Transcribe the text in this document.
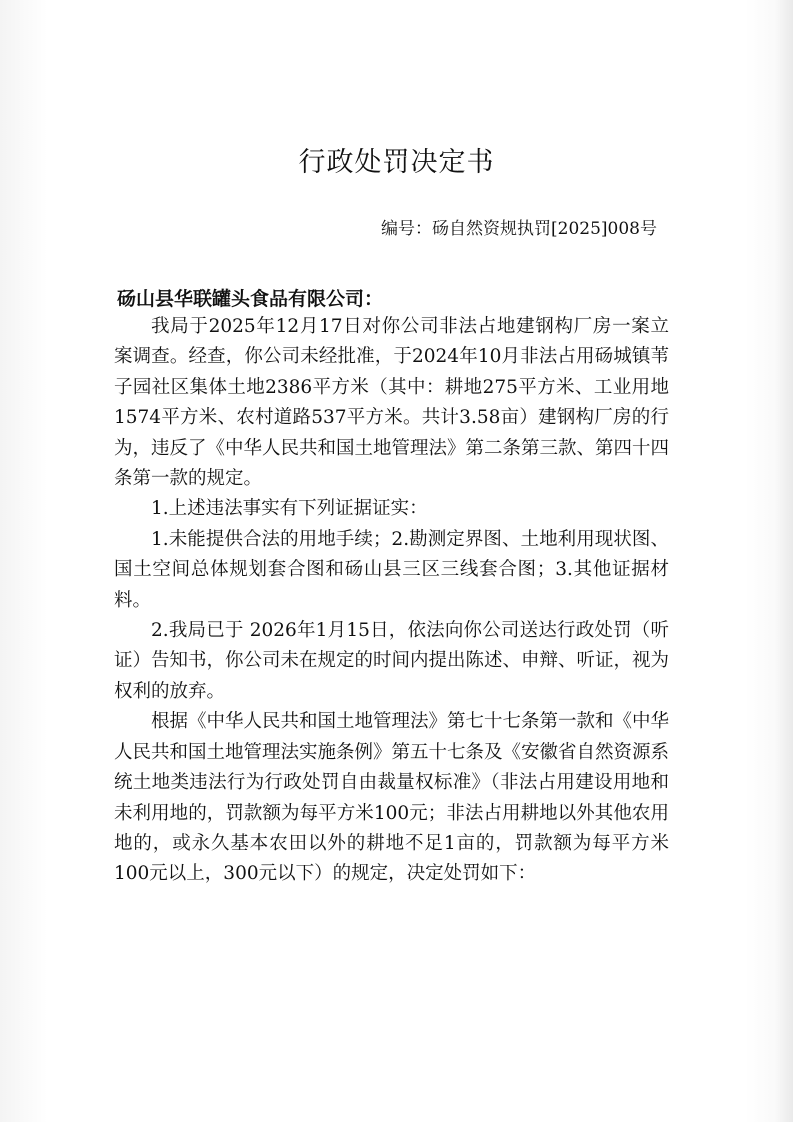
行政处罚决定书
编号：砀自然资规执罚[2025]008号
砀山县华联罐头食品有限公司：

我局于2025年12月17日对你公司非法占地建钢构厂房一案立案调查。经查，你公司未经批准，于2024年10月非法占用砀城镇苇子园社区集体土地2386平方米（其中：耕地275平方米、工业用地1574平方米、农村道路537平方米。共计3.58亩）建钢构厂房的行为，违反了《中华人民共和国土地管理法》第二条第三款、第四十四条第一款的规定。

1.上述违法事实有下列证据证实：

1.未能提供合法的用地手续；2.勘测定界图、土地利用现状图、国土空间总体规划套合图和砀山县三区三线套合图；3.其他证据材料。

2.我局已于 2026年1月15日，依法向你公司送达行政处罚（听证）告知书，你公司未在规定的时间内提出陈述、申辩、听证，视为权利的放弃。

根据《中华人民共和国土地管理法》第七十七条第一款和《中华人民共和国土地管理法实施条例》第五十七条及《安徽省自然资源系统土地类违法行为行政处罚自由裁量权标准》（非法占用建设用地和未利用地的，罚款额为每平方米100元；非法占用耕地以外其他农用地的，或永久基本农田以外的耕地不足1亩的，罚款额为每平方米100元以上，300元以下）的规定，决定处罚如下：
